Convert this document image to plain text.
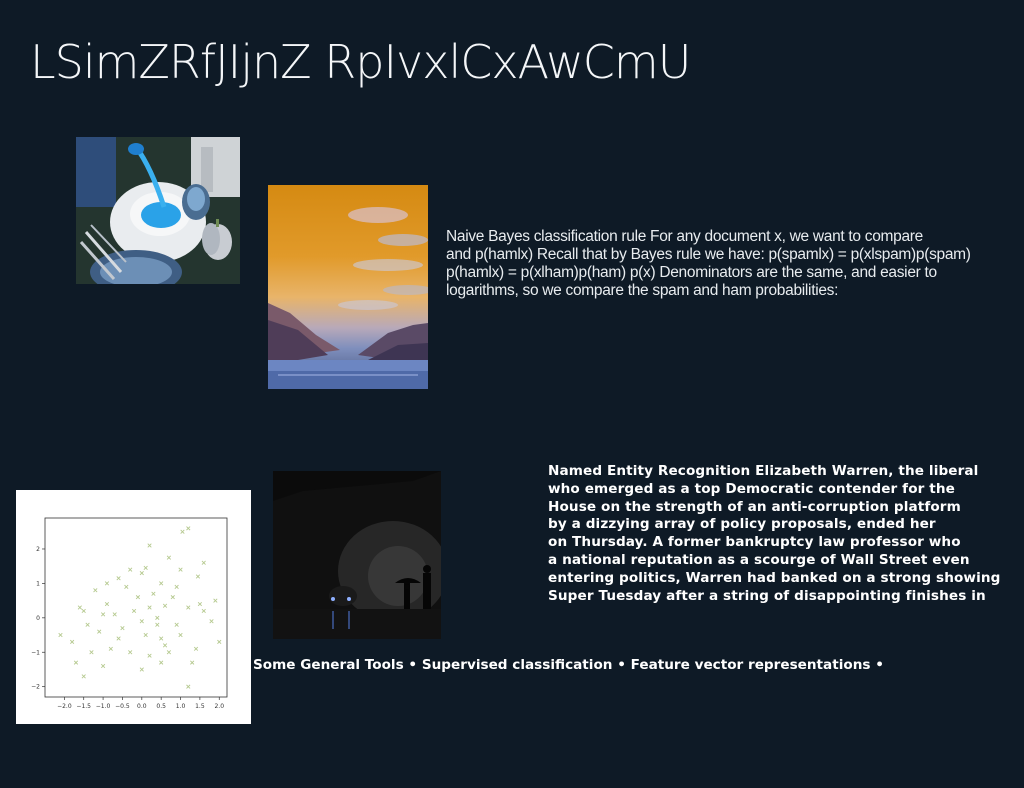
LSimZRfJIjnZ RpIvxlCxAwCmU
−2.0 −1.5 −1.0 −0.5 0.0 0.5 1.0 1.5 2.0
2
1
0
−1
−2
Naive Bayes classification rule For any document x, we want to compare
and p(hamlx) Recall that by Bayes rule we have: p(spamlx) = p(xlspam)p(spam)
p(hamlx) = p(xlham)p(ham) p(x) Denominators are the same, and easier to
logarithms, so we compare the spam and ham probabilities:
Named Entity Recognition Elizabeth Warren, the liberal
who emerged as a top Democratic contender for the
House on the strength of an anti-corruption platform
by a dizzying array of policy proposals, ended her
on Thursday. A former bankruptcy law professor who
a national reputation as a scourge of Wall Street even
entering politics, Warren had banked on a strong showing
Super Tuesday after a string of disappointing finishes in
Some General Tools • Supervised classification • Feature vector representations •
